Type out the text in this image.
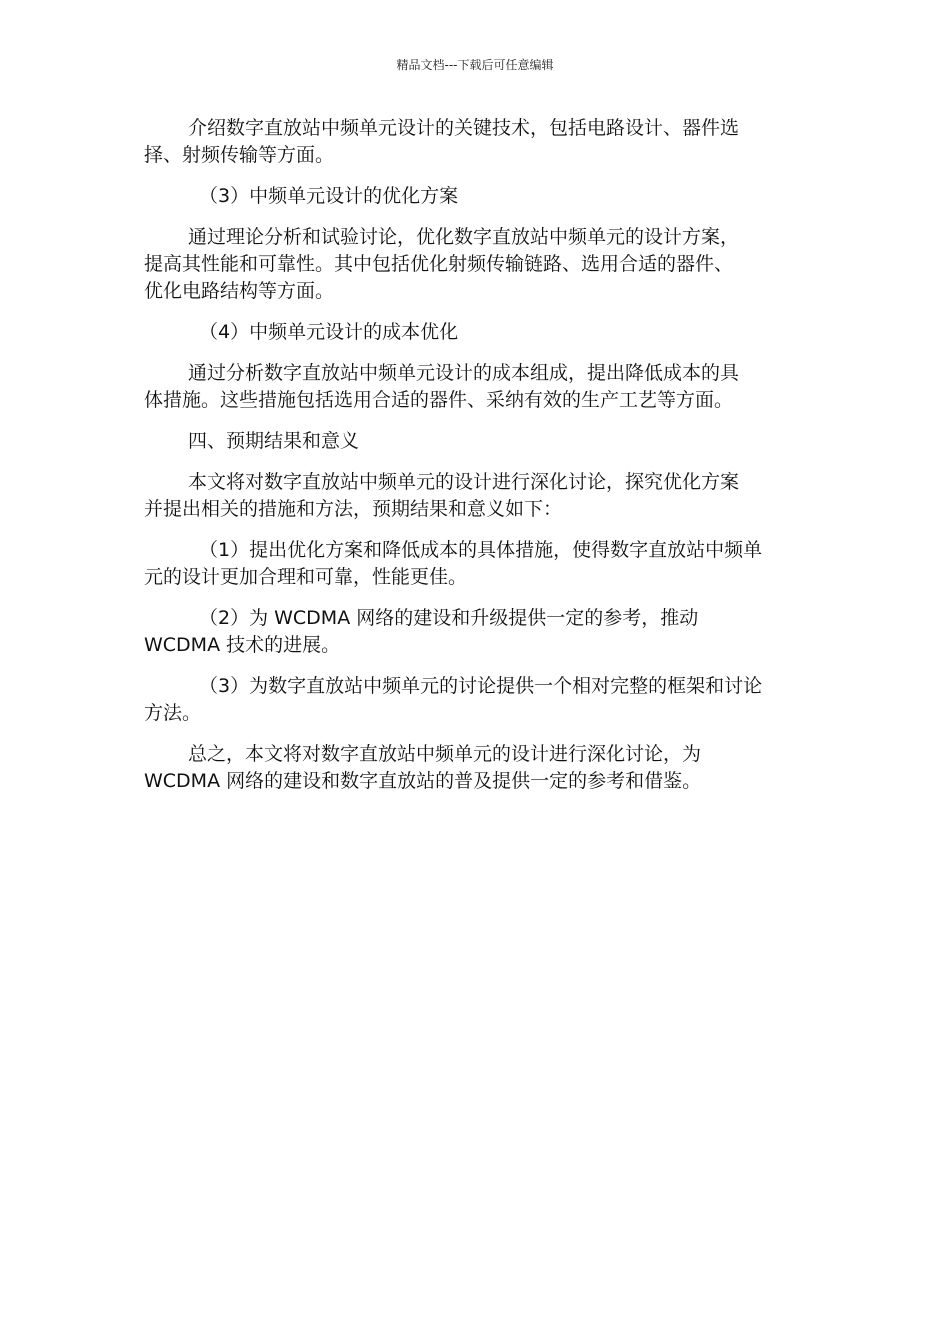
精品文档---下载后可任意编辑

介绍数字直放站中频单元设计的关键技术，包括电路设计、器件选
择、射频传输等方面。

（3）中频单元设计的优化方案

通过理论分析和试验讨论，优化数字直放站中频单元的设计方案，
提高其性能和可靠性。其中包括优化射频传输链路、选用合适的器件、
优化电路结构等方面。

（4）中频单元设计的成本优化

通过分析数字直放站中频单元设计的成本组成，提出降低成本的具
体措施。这些措施包括选用合适的器件、采纳有效的生产工艺等方面。

四、预期结果和意义

本文将对数字直放站中频单元的设计进行深化讨论，探究优化方案
并提出相关的措施和方法，预期结果和意义如下：

（1）提出优化方案和降低成本的具体措施，使得数字直放站中频单
元的设计更加合理和可靠，性能更佳。

（2）为 WCDMA 网络的建设和升级提供一定的参考，推动
WCDMA 技术的进展。

（3）为数字直放站中频单元的讨论提供一个相对完整的框架和讨论
方法。

总之，本文将对数字直放站中频单元的设计进行深化讨论，为
WCDMA 网络的建设和数字直放站的普及提供一定的参考和借鉴。
